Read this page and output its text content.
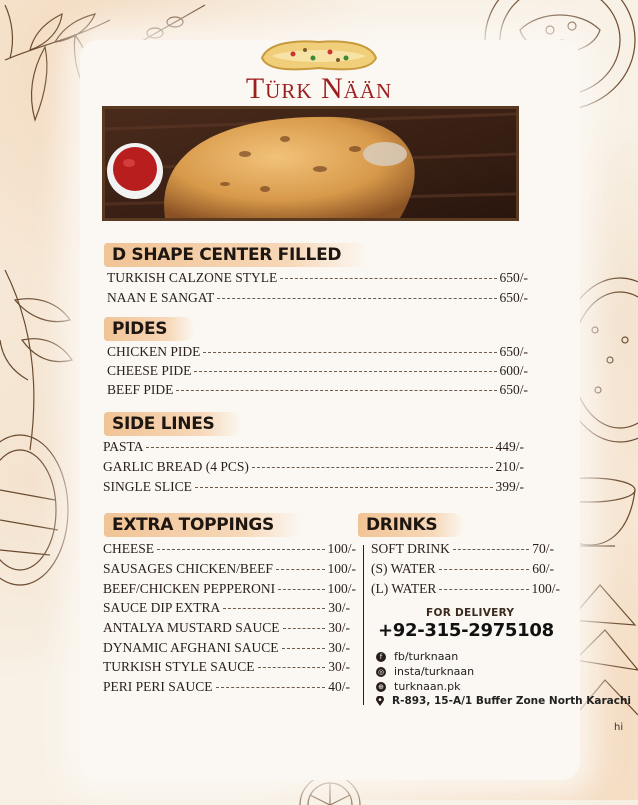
Türk Nään
D SHAPE CENTER FILLED
TURKISH CALZONE STYLE	650/-
NAAN E SANGAT	650/-
PIDES
CHICKEN PIDE	650/-
CHEESE PIDE	600/-
BEEF PIDE	650/-
SIDE LINES
PASTA	449/-
GARLIC BREAD (4 PCS)	210/-
SINGLE SLICE	399/-
EXTRA TOPPINGS
CHEESE	100/-
SAUSAGES CHICKEN/BEEF	100/-
BEEF/CHICKEN PEPPERONI	100/-
SAUCE DIP EXTRA	30/-
ANTALYA MUSTARD SAUCE	30/-
DYNAMIC AFGHANI SAUCE	30/-
TURKISH STYLE SAUCE	30/-
PERI PERI SAUCE	40/-
DRINKS
SOFT DRINK	70/-
(S) WATER	60/-
(L) WATER	100/-
FOR DELIVERY
+92-315-2975108
f	fb/turknaan
◎ insta/turknaan
⊕ turknaan.pk
R-893, 15-A/1 Buffer Zone North Karachi
hi
